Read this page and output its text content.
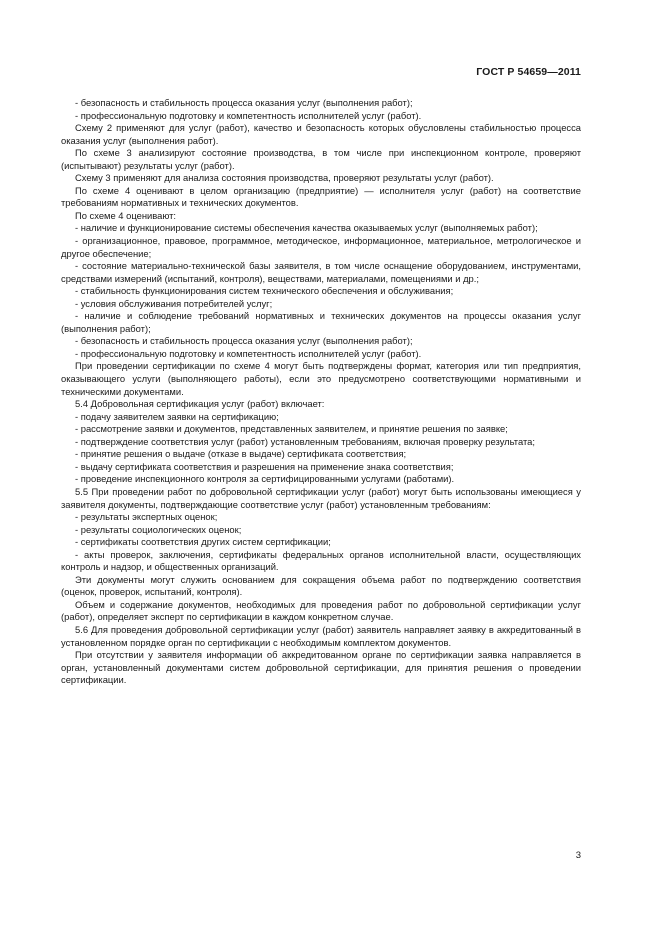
ГОСТ Р 54659—2011

- безопасность и стабильность процесса оказания услуг (выполнения работ);

- профессиональную подготовку и компетентность исполнителей услуг (работ).

Схему 2 применяют для услуг (работ), качество и безопасность которых обусловлены стабильностью процесса оказания услуг (выполнения работ).

По схеме 3 анализируют состояние производства, в том числе при инспекционном контроле, проверяют (испытывают) результаты услуг (работ).

Схему 3 применяют для анализа состояния производства, проверяют результаты услуг (работ).

По схеме 4 оценивают в целом организацию (предприятие) — исполнителя услуг (работ) на соответствие требованиям нормативных и технических документов.

По схеме 4 оценивают:

- наличие и функционирование системы обеспечения качества оказываемых услуг (выполняемых работ);

- организационное, правовое, программное, методическое, информационное, материальное, метрологическое и другое обеспечение;

- состояние материально-технической базы заявителя, в том числе оснащение оборудованием, инструментами, средствами измерений (испытаний, контроля), веществами, материалами, помещениями и др.;

- стабильность функционирования систем технического обеспечения и обслуживания;

- условия обслуживания потребителей услуг;

- наличие и соблюдение требований нормативных и технических документов на процессы оказания услуг (выполнения работ);

- безопасность и стабильность процесса оказания услуг (выполнения работ);

- профессиональную подготовку и компетентность исполнителей услуг (работ).

При проведении сертификации по схеме 4 могут быть подтверждены формат, категория или тип предприятия, оказывающего услуги (выполняющего работы), если это предусмотрено соответствующими нормативными и техническими документами.

5.4 Добровольная сертификация услуг (работ) включает:

- подачу заявителем заявки на сертификацию;

- рассмотрение заявки и документов, представленных заявителем, и принятие решения по заявке;

- подтверждение соответствия услуг (работ) установленным требованиям, включая проверку результата;

- принятие решения о выдаче (отказе в выдаче) сертификата соответствия;

- выдачу сертификата соответствия и разрешения на применение знака соответствия;

- проведение инспекционного контроля за сертифицированными услугами (работами).

5.5 При проведении работ по добровольной сертификации услуг (работ) могут быть использованы имеющиеся у заявителя документы, подтверждающие соответствие услуг (работ) установленным требованиям:

- результаты экспертных оценок;

- результаты социологических оценок;

- сертификаты соответствия других систем сертификации;

- акты проверок, заключения, сертификаты федеральных органов исполнительной власти, осуществляющих контроль и надзор, и общественных организаций.

Эти документы могут служить основанием для сокращения объема работ по подтверждению соответствия (оценок, проверок, испытаний, контроля).

Объем и содержание документов, необходимых для проведения работ по добровольной сертификации услуг (работ), определяет эксперт по сертификации в каждом конкретном случае.

5.6 Для проведения добровольной сертификации услуг (работ) заявитель направляет заявку в аккредитованный в установленном порядке орган по сертификации с необходимым комплектом документов.

При отсутствии у заявителя информации об аккредитованном органе по сертификации заявка направляется в орган, установленный документами систем добровольной сертификации, для принятия решения о проведении сертификации.

3
